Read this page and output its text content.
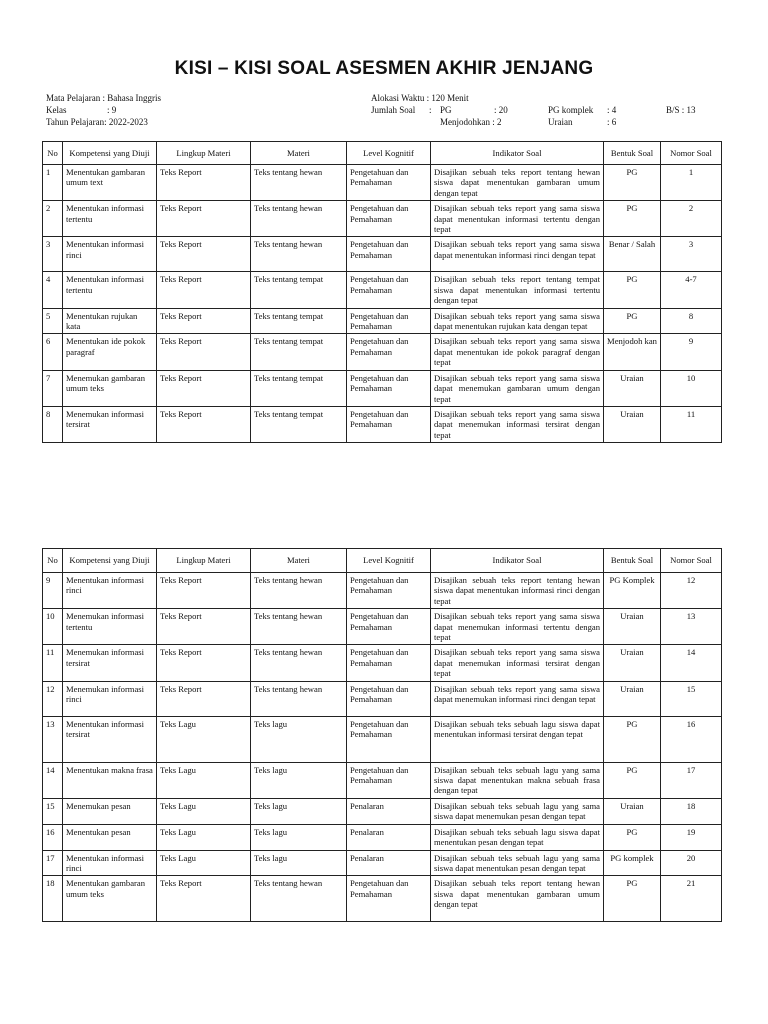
KISI – KISI SOAL ASESMEN AKHIR JENJANG
Mata Pelajaran : Bahasa Inggris
Kelas	: 9
Tahun Pelajaran: 2022-2023
Alokasi Waktu : 120 Menit
Jumlah Soal : PG	: 20	PG komplek : 4	B/S : 13
Menjodohkan : 2	Uraian	: 6
No	Kompetensi yang Diuji	Lingkup Materi	Materi	Level Kognitif	Indikator Soal	Bentuk Soal	Nomor Soal
1	Menentukan gambaran umum text	Teks Report	Teks tentang hewan	Pengetahuan dan Pemahaman	Disajikan sebuah teks report tentang hewan siswa dapat menentukan gambaran umum dengan tepat	PG	1
2	Menentukan informasi tertentu	Teks Report	Teks tentang hewan	Pengetahuan dan Pemahaman	Disajikan sebuah teks report yang sama siswa dapat menentukan informasi tertentu dengan tepat	PG	2
3	Menentukan informasi rinci	Teks Report	Teks tentang hewan	Pengetahuan dan Pemahaman	Disajikan sebuah teks report yang sama siswa dapat menentukan informasi rinci dengan tepat	Benar / Salah	3
4	Menentukan informasi tertentu	Teks Report	Teks tentang tempat	Pengetahuan dan Pemahaman	Disajikan sebuah teks report tentang tempat siswa dapat menentukan informasi tertentu dengan tepat	PG	4-7
5	Menentukan rujukan kata	Teks Report	Teks tentang tempat	Pengetahuan dan Pemahaman	Disajikan sebuah teks report yang sama siswa dapat menentukan rujukan kata dengan tepat	PG	8
6	Menentukan ide pokok paragraf	Teks Report	Teks tentang tempat	Pengetahuan dan Pemahaman	Disajikan sebuah teks report yang sama siswa dapat menentukan ide pokok paragraf dengan tepat	Menjodoh kan	9
7	Menemukan gambaran umum teks	Teks Report	Teks tentang tempat	Pengetahuan dan Pemahaman	Disajikan sebuah teks report yang sama siswa dapat menemukan gambaran umum dengan tepat	Uraian	10
8	Menemukan informasi tersirat	Teks Report	Teks tentang tempat	Pengetahuan dan Pemahaman	Disajikan sebuah teks report yang sama siswa dapat menemukan informasi tersirat dengan tepat	Uraian	11
No	Kompetensi yang Diuji	Lingkup Materi	Materi	Level Kognitif	Indikator Soal	Bentuk Soal	Nomor Soal
9	Menentukan informasi rinci	Teks Report	Teks tentang hewan	Pengetahuan dan Pemahaman	Disajikan sebuah teks report tentang hewan siswa dapat menentukan informasi rinci dengan tepat	PG Komplek	12
10	Menemukan informasi tertentu	Teks Report	Teks tentang hewan	Pengetahuan dan Pemahaman	Disajikan sebuah teks report yang sama siswa dapat menemukan informasi tertentu dengan tepat	Uraian	13
11	Menemukan informasi tersirat	Teks Report	Teks tentang hewan	Pengetahuan dan Pemahaman	Disajikan sebuah teks report yang sama siswa dapat menemukan informasi tersirat dengan tepat	Uraian	14
12	Menemukan informasi rinci	Teks Report	Teks tentang hewan	Pengetahuan dan Pemahaman	Disajikan sebuah teks report yang sama siswa dapat menemukan informasi rinci dengan tepat	Uraian	15
13	Menentukan informasi tersirat	Teks Lagu	Teks lagu	Pengetahuan dan Pemahaman	Disajikan sebuah teks sebuah lagu siswa dapat menentukan informasi tersirat dengan tepat	PG	16
14	Menentukan makna frasa	Teks Lagu	Teks lagu	Pengetahuan dan Pemahaman	Disajikan sebuah teks sebuah lagu yang sama siswa dapat menentukan makna sebuah frasa dengan tepat	PG	17
15	Menemukan pesan	Teks Lagu	Teks lagu	Penalaran	Disajikan sebuah teks sebuah lagu yang sama siswa dapat menemukan pesan dengan tepat	Uraian	18
16	Menentukan pesan	Teks Lagu	Teks lagu	Penalaran	Disajikan sebuah teks sebuah lagu siswa dapat menentukan pesan dengan tepat	PG	19
17	Menentukan informasi rinci	Teks Lagu	Teks lagu	Penalaran	Disajikan sebuah teks sebuah lagu yang sama siswa dapat menentukan pesan dengan tepat	PG komplek	20
18	Menentukan gambaran umum teks	Teks Report	Teks tentang hewan	Pengetahuan dan Pemahaman	Disajikan sebuah teks report tentang hewan siswa dapat menentukan gambaran umum dengan tepat	PG	21
